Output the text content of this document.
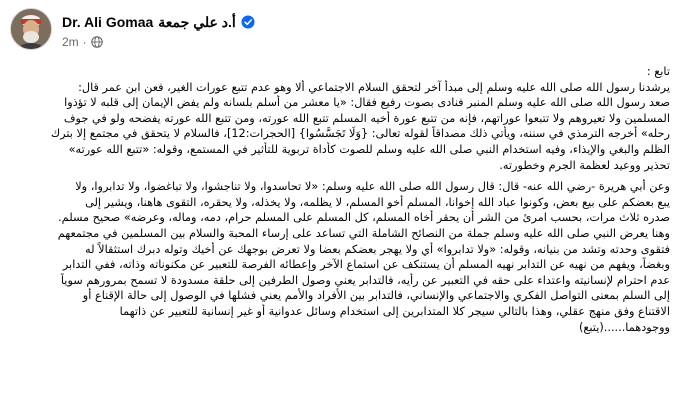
Dr. Ali Gomaa أ.د علي جمعة
2m ·

تابع :

يرشدنا رسول الله صلى الله عليه وسلم إلى مبدأ آخر لتحقق السلام الاجتماعي ألا وهو عدم تتبع عورات الغير، فعن ابن عمر قال:

صعد رسول الله صلى الله عليه وسلم المنبر فنادى بصوت رفيع فقال: «يا معشر من أسلم بلسانه ولم يفض الإيمان إلى قلبه لا تؤذوا

المسلمين ولا تعيروهم ولا تتبعوا عوراتهم، فإنه من تتبع عورة أخيه المسلم تتبع الله عورته، ومن تتبع الله عورته يفضحه ولو في جوف

رحله» أخرجه الترمذي في سننه، ويأتي ذلك مصداقاً لقوله تعالى: {وَلَا تَجَسَّسُوا} [الحجرات:12]، فالسلام لا يتحقق في مجتمع إلا بترك

الظلم والبغي والإيذاء، وفيه استخدام النبي صلى الله عليه وسلم للصوت كأداة تربوية للتأثير في المستمع، وقوله: «تتبع الله عورته»

تحذير ووعيد لعظمة الجرم وخطورته.

وعن أبي هريرة -رضي الله عنه- قال: قال رسول الله صلى الله عليه وسلم: «لا تحاسدوا، ولا تناجشوا، ولا تباغضوا، ولا تدابروا، ولا

يبع بعضكم على بيع بعض، وكونوا عباد الله إخوانا، المسلم أخو المسلم، لا يظلمه، ولا يخذله، ولا يحقره، التقوى هاهنا، ويشير إلى

صدره ثلاث مرات، بحسب امرئ من الشر أن يحقر أخاه المسلم، كل المسلم على المسلم حرام، دمه، وماله، وعرضه» صحيح مسلم.

وهنا يعرض النبي صلى الله عليه وسلم جملة من النصائح الشاملة التي تساعد على إرساء المحبة والسلام بين المسلمين في مجتمعهم

فتقوى وحدته وتشد من بنيانه، وقوله: «ولا تدابروا» أي ولا يهجر بعضكم بعضا ولا تعرض بوجهك عن أخيك وتوله دبرك استثقالاً له

وبغضاً، ويفهم من نهيه عن التدابر نهيه المسلم أن يستنكف عن استماع الآخر وإعطائه الفرصة للتعبير عن مكنوناته وذاته، ففي التدابر

عدم احترام لإنسانيته واعتداء على حقه في التعبير عن رأيه، فالتدابر يعني وصول الطرفين إلى حلقة مسدودة لا تسمح بمرورهم سوياً

إلى السلم بمعنى التواصل الفكري والاجتماعي والإنساني، فالتدابر بين الأفراد والأمم يعني فشلها في الوصول إلى حالة الإقناع أو

الاقتناع وفق منهج عقلي، وهذا بالتالي سيجر كلا المتدابرين إلى استخدام وسائل عدوانية أو غير إنسانية للتعبير عن ذاتهما

ووجودهما......(يتبع)
